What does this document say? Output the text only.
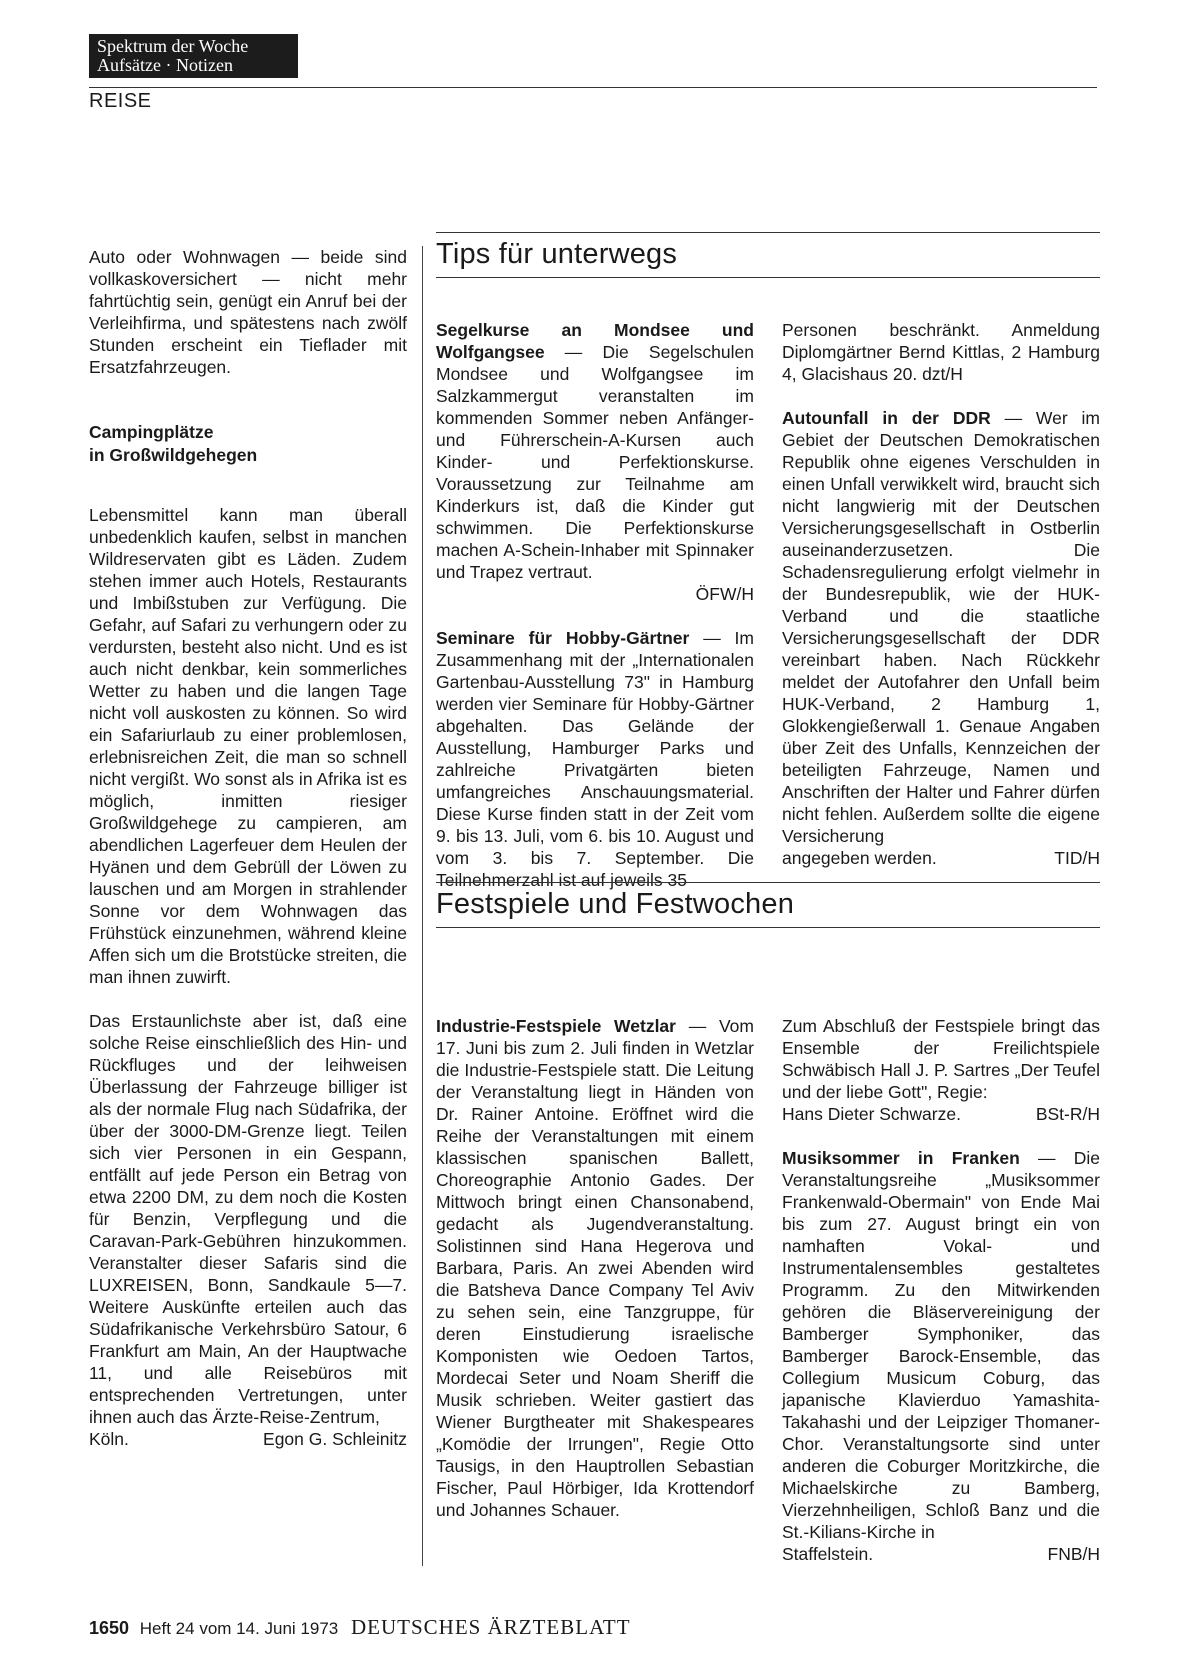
Spektrum der Woche
Aufsätze · Notizen
REISE

Auto oder Wohnwagen — beide sind vollkaskoversichert — nicht mehr fahrtüchtig sein, genügt ein Anruf bei der Verleihfirma, und spätestens nach zwölf Stunden erscheint ein Tieflader mit Ersatzfahrzeugen.

Campingplätze
in Großwildgehegen

Lebensmittel kann man überall unbedenklich kaufen, selbst in manchen Wildreservaten gibt es Läden. Zudem stehen immer auch Hotels, Restaurants und Imbißstuben zur Verfügung. Die Gefahr, auf Safari zu verhungern oder zu verdursten, besteht also nicht. Und es ist auch nicht denkbar, kein sommerliches Wetter zu haben und die langen Tage nicht voll auskosten zu können. So wird ein Safariurlaub zu einer problemlosen, erlebnisreichen Zeit, die man so schnell nicht vergißt. Wo sonst als in Afrika ist es möglich, inmitten riesiger Großwildgehege zu campieren, am abendlichen Lagerfeuer dem Heulen der Hyänen und dem Gebrüll der Löwen zu lauschen und am Morgen in strahlender Sonne vor dem Wohnwagen das Frühstück einzunehmen, während kleine Affen sich um die Brotstücke streiten, die man ihnen zuwirft.

Das Erstaunlichste aber ist, daß eine solche Reise einschließlich des Hin- und Rückfluges und der leihweisen Überlassung der Fahrzeuge billiger ist als der normale Flug nach Südafrika, der über der 3000-DM-Grenze liegt. Teilen sich vier Personen in ein Gespann, entfällt auf jede Person ein Betrag von etwa 2200 DM, zu dem noch die Kosten für Benzin, Verpflegung und die Caravan-Park-Gebühren hinzukommen. Veranstalter dieser Safaris sind die LUXREISEN, Bonn, Sandkaule 5—7. Weitere Auskünfte erteilen auch das Südafrikanische Verkehrsbüro Satour, 6 Frankfurt am Main, An der Hauptwache 11, und alle Reisebüros mit entsprechenden Vertretungen, unter ihnen auch das Ärzte-Reise-Zentrum,

Köln.	Egon G. Schleinitz
Tips für unterwegs

Segelkurse an Mondsee und Wolfgangsee — Die Segelschulen Mondsee und Wolfgangsee im Salzkammergut veranstalten im kommenden Sommer neben Anfänger- und Führerschein-A-Kursen auch Kinder- und Perfektionskurse. Voraussetzung zur Teilnahme am Kinderkurs ist, daß die Kinder gut schwimmen. Die Perfektionskurse machen A-Schein-Inhaber mit Spinnaker und Trapez vertraut.

ÖFW/H

Seminare für Hobby-Gärtner — Im Zusammenhang mit der „Internationalen Gartenbau-Ausstellung 73" in Hamburg werden vier Seminare für Hobby-Gärtner abgehalten. Das Gelände der Ausstellung, Hamburger Parks und zahlreiche Privatgärten bieten umfangreiches Anschauungsmaterial. Diese Kurse finden statt in der Zeit vom 9. bis 13. Juli, vom 6. bis 10. August und vom 3. bis 7. September. Die Teilnehmerzahl ist auf jeweils 35

Personen beschränkt. Anmeldung Diplomgärtner Bernd Kittlas, 2 Hamburg 4, Glacishaus 20. dzt/H

Autounfall in der DDR — Wer im Gebiet der Deutschen Demokratischen Republik ohne eigenes Verschulden in einen Unfall verwikkelt wird, braucht sich nicht langwierig mit der Deutschen Versicherungsgesellschaft in Ostberlin auseinanderzusetzen. Die Schadensregulierung erfolgt vielmehr in der Bundesrepublik, wie der HUK-Verband und die staatliche Versicherungsgesellschaft der DDR vereinbart haben. Nach Rückkehr meldet der Autofahrer den Unfall beim HUK-Verband, 2 Hamburg 1, Glokkengießerwall 1. Genaue Angaben über Zeit des Unfalls, Kennzeichen der beteiligten Fahrzeuge, Namen und Anschriften der Halter und Fahrer dürfen nicht fehlen. Außerdem sollte die eigene Versicherung

angegeben werden.	TID/H
Festspiele und Festwochen

Industrie-Festspiele Wetzlar — Vom 17. Juni bis zum 2. Juli finden in Wetzlar die Industrie-Festspiele statt. Die Leitung der Veranstaltung liegt in Händen von Dr. Rainer Antoine. Eröffnet wird die Reihe der Veranstaltungen mit einem klassischen spanischen Ballett, Choreographie Antonio Gades. Der Mittwoch bringt einen Chansonabend, gedacht als Jugendveranstaltung. Solistinnen sind Hana Hegerova und Barbara, Paris. An zwei Abenden wird die Batsheva Dance Company Tel Aviv zu sehen sein, eine Tanzgruppe, für deren Einstudierung israelische Komponisten wie Oedoen Tartos, Mordecai Seter und Noam Sheriff die Musik schrieben. Weiter gastiert das Wiener Burgtheater mit Shakespeares „Komödie der Irrungen", Regie Otto Tausigs, in den Hauptrollen Sebastian Fischer, Paul Hörbiger, Ida Krottendorf und Johannes Schauer.

Zum Abschluß der Festspiele bringt das Ensemble der Freilichtspiele Schwäbisch Hall J. P. Sartres „Der Teufel und der liebe Gott", Regie:

Hans Dieter Schwarze.	BSt-R/H

Musiksommer in Franken — Die Veranstaltungsreihe „Musiksommer Frankenwald-Obermain" von Ende Mai bis zum 27. August bringt ein von namhaften Vokal- und Instrumentalensembles gestaltetes Programm. Zu den Mitwirkenden gehören die Bläservereinigung der Bamberger Symphoniker, das Bamberger Barock-Ensemble, das Collegium Musicum Coburg, das japanische Klavierduo Yamashita-Takahashi und der Leipziger Thomaner-Chor. Veranstaltungsorte sind unter anderen die Coburger Moritzkirche, die Michaelskirche zu Bamberg, Vierzehnheiligen, Schloß Banz und die St.-Kilians-Kirche in

Staffelstein.	FNB/H
1650 Heft 24 vom 14. Juni 1973 DEUTSCHES ÄRZTEBLATT
